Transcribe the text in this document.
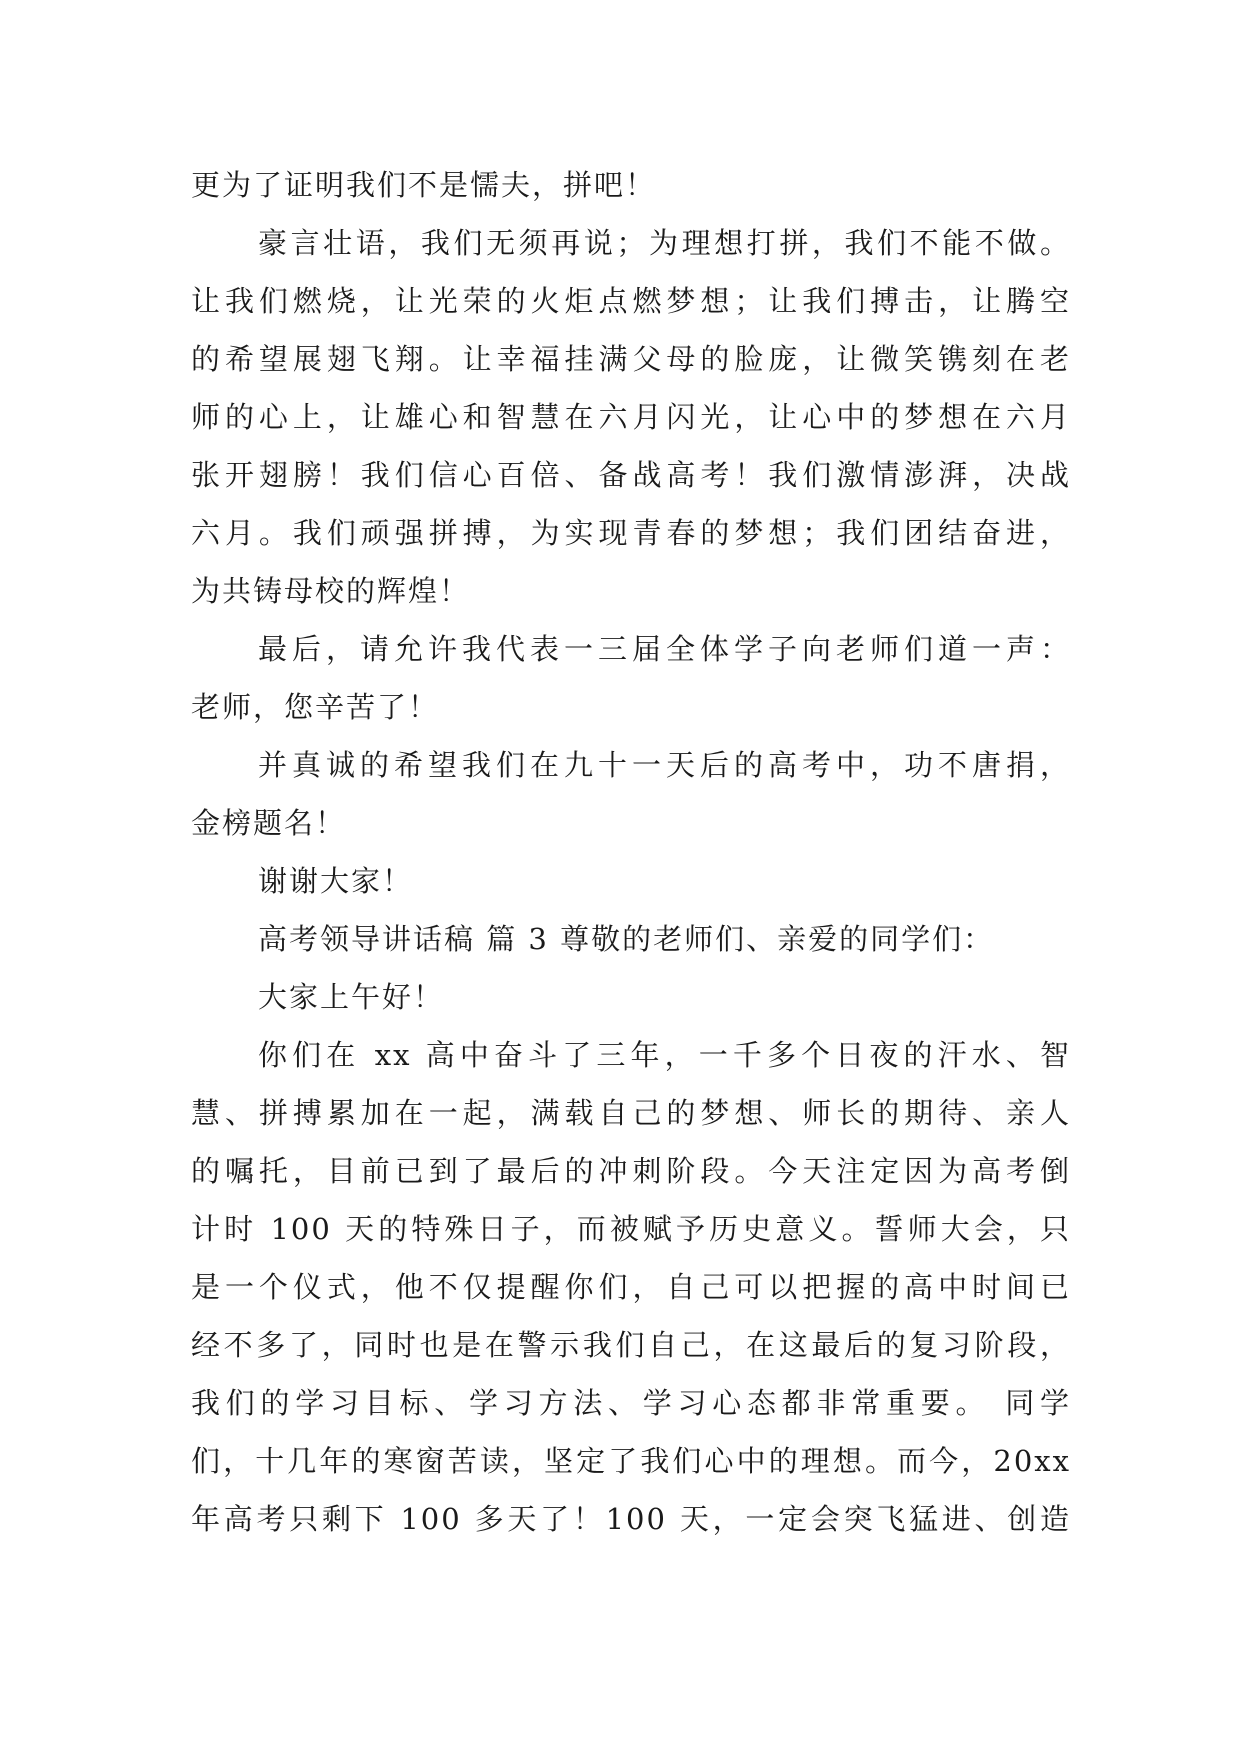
更为了证明我们不是懦夫，拼吧！
豪言壮语，我们无须再说；为理想打拼，我们不能不做。
让我们燃烧，让光荣的火炬点燃梦想；让我们搏击，让腾空
的希望展翅飞翔。让幸福挂满父母的脸庞，让微笑镌刻在老
师的心上，让雄心和智慧在六月闪光，让心中的梦想在六月
张开翅膀！我们信心百倍、备战高考！我们激情澎湃，决战
六月。我们顽强拼搏，为实现青春的梦想；我们团结奋进，
为共铸母校的辉煌！
最后，请允许我代表一三届全体学子向老师们道一声：
老师，您辛苦了！
并真诚的希望我们在九十一天后的高考中，功不唐捐，
金榜题名！
谢谢大家！
高考领导讲话稿 篇 3 尊敬的老师们、亲爱的同学们：
大家上午好！
你们在 xx 高中奋斗了三年，一千多个日夜的汗水、智
慧、拼搏累加在一起，满载自己的梦想、师长的期待、亲人
的嘱托，目前已到了最后的冲刺阶段。今天注定因为高考倒
计时 100 天的特殊日子，而被赋予历史意义。誓师大会，只
是一个仪式，他不仅提醒你们，自己可以把握的高中时间已
经不多了，同时也是在警示我们自己，在这最后的复习阶段，
我们的学习目标、学习方法、学习心态都非常重要。 同学
们，十几年的寒窗苦读，坚定了我们心中的理想。而今，20xx
年高考只剩下 100 多天了！100 天，一定会突飞猛进、创造
